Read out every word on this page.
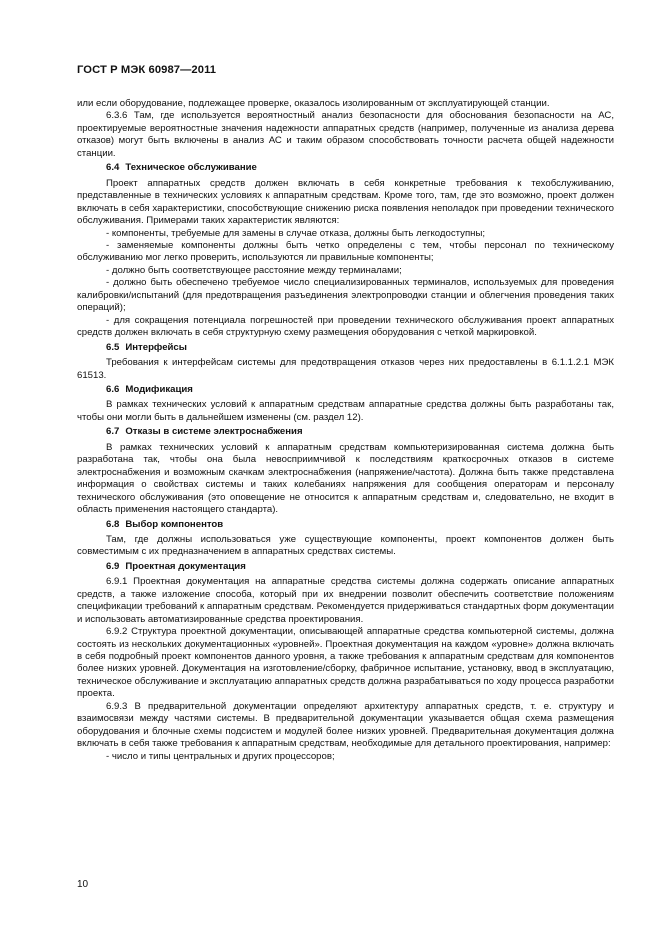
ГОСТ Р МЭК 60987—2011

или если оборудование, подлежащее проверке, оказалось изолированным от эксплуатирующей станции.

6.3.6 Там, где используется вероятностный анализ безопасности для обоснования безопасности на АС, проектируемые вероятностные значения надежности аппаратных средств (например, полученные из анализа дерева отказов) могут быть включены в анализ АС и таким образом способствовать точности расчета общей надежности станции.

6.4 Техническое обслуживание

Проект аппаратных средств должен включать в себя конкретные требования к техобслуживанию, представленные в технических условиях к аппаратным средствам. Кроме того, там, где это возможно, проект должен включать в себя характеристики, способствующие снижению риска появления неполадок при проведении технического обслуживания. Примерами таких характеристик являются:

- компоненты, требуемые для замены в случае отказа, должны быть легкодоступны;

- заменяемые компоненты должны быть четко определены с тем, чтобы персонал по техническому обслуживанию мог легко проверить, используются ли правильные компоненты;

- должно быть соответствующее расстояние между терминалами;

- должно быть обеспечено требуемое число специализированных терминалов, используемых для проведения калибровки/испытаний (для предотвращения разъединения электропроводки станции и облегчения проведения таких операций);

- для сокращения потенциала погрешностей при проведении технического обслуживания проект аппаратных средств должен включать в себя структурную схему размещения оборудования с четкой маркировкой.

6.5 Интерфейсы

Требования к интерфейсам системы для предотвращения отказов через них предоставлены в 6.1.1.2.1 МЭК 61513.

6.6 Модификация

В рамках технических условий к аппаратным средствам аппаратные средства должны быть разработаны так, чтобы они могли быть в дальнейшем изменены (см. раздел 12).

6.7 Отказы в системе электроснабжения

В рамках технических условий к аппаратным средствам компьютеризированная система должна быть разработана так, чтобы она была невосприимчивой к последствиям краткосрочных отказов в системе электроснабжения и возможным скачкам электроснабжения (напряжение/частота). Должна быть также представлена информация о свойствах системы и таких колебаниях напряжения для сообщения операторам и персоналу технического обслуживания (это оповещение не относится к аппаратным средствам и, следовательно, не входит в область применения настоящего стандарта).

6.8 Выбор компонентов

Там, где должны использоваться уже существующие компоненты, проект компонентов должен быть совместимым с их предназначением в аппаратных средствах системы.

6.9 Проектная документация

6.9.1 Проектная документация на аппаратные средства системы должна содержать описание аппаратных средств, а также изложение способа, который при их внедрении позволит обеспечить соответствие положениям спецификации требований к аппаратным средствам. Рекомендуется придерживаться стандартных форм документации и использовать автоматизированные средства проектирования.

6.9.2 Структура проектной документации, описывающей аппаратные средства компьютерной системы, должна состоять из нескольких документационных «уровней». Проектная документация на каждом «уровне» должна включать в себя подробный проект компонентов данного уровня, а также требования к аппаратным средствам для компонентов более низких уровней. Документация на изготовление/сборку, фабричное испытание, установку, ввод в эксплуатацию, техническое обслуживание и эксплуатацию аппаратных средств должна разрабатываться по ходу процесса разработки проекта.

6.9.3 В предварительной документации определяют архитектуру аппаратных средств, т. е. структуру и взаимосвязи между частями системы. В предварительной документации указывается общая схема размещения оборудования и блочные схемы подсистем и модулей более низких уровней. Предварительная документация должна включать в себя также требования к аппаратным средствам, необходимые для детального проектирования, например:

- число и типы центральных и других процессоров;

10
